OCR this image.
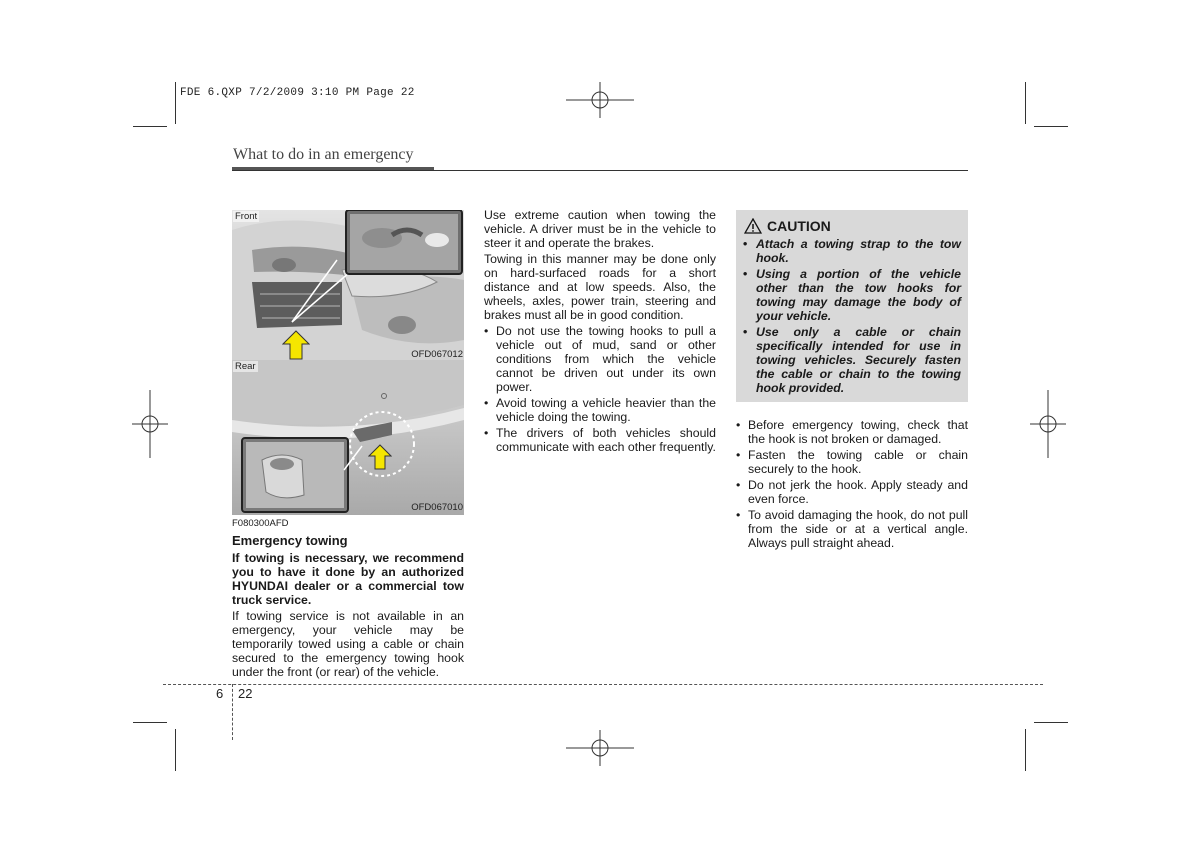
FDE 6.QXP 7/2/2009 3:10 PM Page 22
What to do in an emergency
Front
OFD067012
Rear
OFD067010
F080300AFD
Emergency towing

If towing is necessary, we recommend you to have it done by an authorized HYUNDAI dealer or a commercial tow truck service.

If towing service is not available in an emergency, your vehicle may be temporarily towed using a cable or chain secured to the emergency towing hook under the front (or rear) of the vehicle.

Use extreme caution when towing the vehicle. A driver must be in the vehicle to steer it and operate the brakes.

Towing in this manner may be done only on hard-surfaced roads for a short distance and at low speeds. Also, the wheels, axles, power train, steering and brakes must all be in good condition.

• Do not use the towing hooks to pull a vehicle out of mud, sand or other conditions from which the vehicle cannot be driven out under its own power.
• Avoid towing a vehicle heavier than the vehicle doing the towing.
• The drivers of both vehicles should communicate with each other frequently.
CAUTION
• Attach a towing strap to the tow hook.
• Using a portion of the vehicle other than the tow hooks for towing may damage the body of your vehicle.
• Use only a cable or chain specifically intended for use in towing vehicles. Securely fasten the cable or chain to the towing hook provided.
• Before emergency towing, check that the hook is not broken or damaged.
• Fasten the towing cable or chain securely to the hook.
• Do not jerk the hook. Apply steady and even force.
• To avoid damaging the hook, do not pull from the side or at a vertical angle. Always pull straight ahead.
6 22
